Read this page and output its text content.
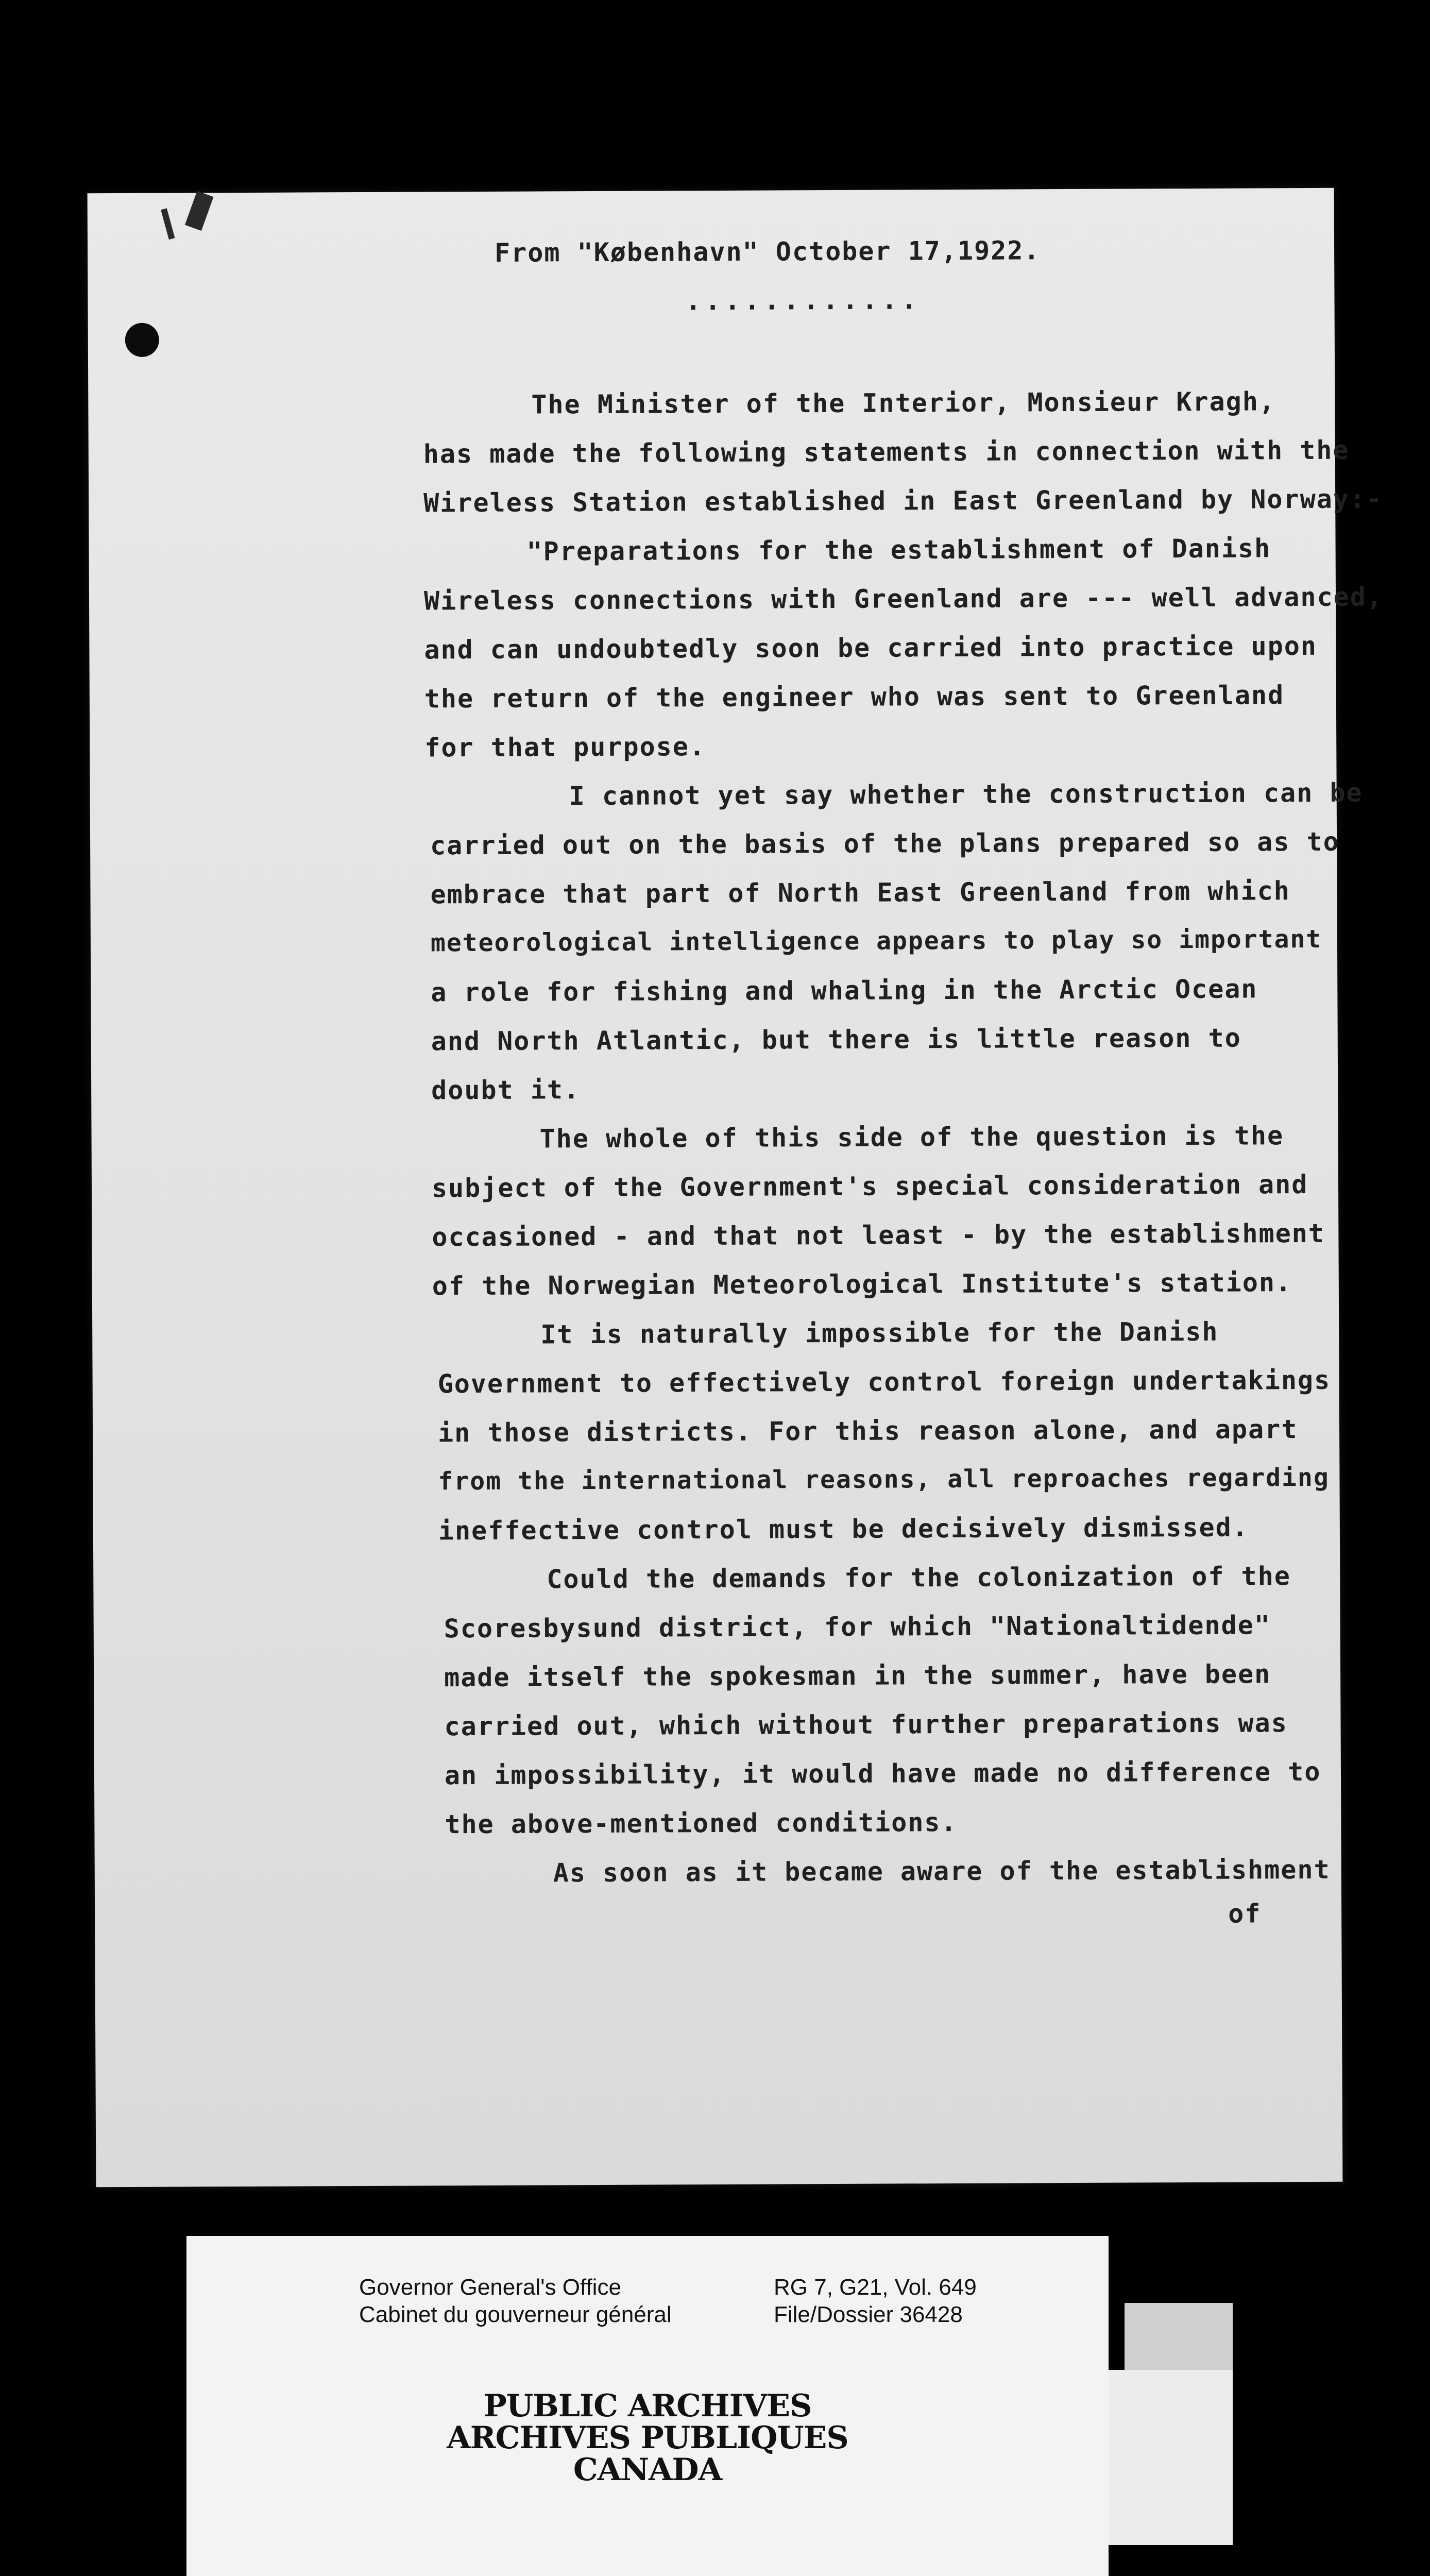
From "København" October 17,1922.

............

The Minister of the Interior, Monsieur Kragh,

has made the following statements in connection with the

Wireless Station established in East Greenland by Norway:-

"Preparations for the establishment of Danish

Wireless connections with Greenland are --- well advanced,

and can undoubtedly soon be carried into practice upon

the return of the engineer who was sent to Greenland

for that purpose.

I cannot yet say whether the construction can be

carried out on the basis of the plans prepared so as to

embrace that part of North East Greenland from which

meteorological intelligence appears to play so important

a role for fishing and whaling in the Arctic Ocean

and North Atlantic, but there is little reason to

doubt it.

The whole of this side of the question is the

subject of the Government's special consideration and

occasioned - and that not least - by the establishment

of the Norwegian Meteorological Institute's station.

It is naturally impossible for the Danish

Government to effectively control foreign undertakings

in those districts. For this reason alone, and apart

from the international reasons, all reproaches regarding

ineffective control must be decisively dismissed.

Could the demands for the colonization of the

Scoresbysund district, for which "Nationaltidende"

made itself the spokesman in the summer, have been

carried out, which without further preparations was

an impossibility, it would have made no difference to

the above-mentioned conditions.

As soon as it became aware of the establishment

of

Governor General's Office

Cabinet du gouverneur général

RG 7, G21, Vol. 649

File/Dossier 36428

PUBLIC ARCHIVES

ARCHIVES PUBLIQUES

CANADA
